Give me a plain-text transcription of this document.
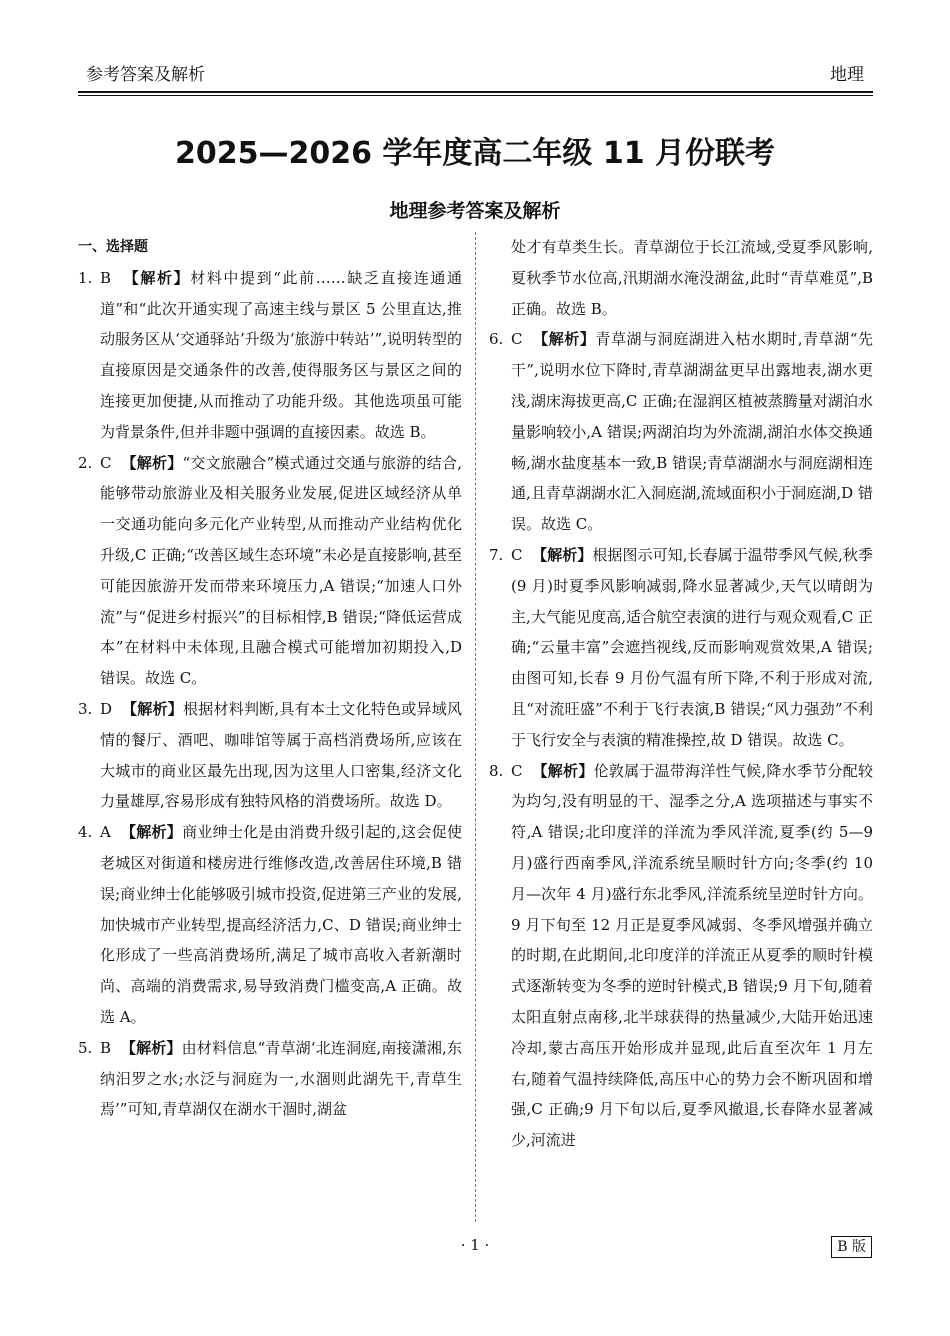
参考答案及解析	地理
2025—2026 学年度高二年级 11 月份联考
地理参考答案及解析
一、选择题
1. B 【解析】材料中提到“此前……缺乏直接连通通道”和“此次开通实现了高速主线与景区 5 公里直达,推动服务区从‘交通驿站’升级为‘旅游中转站’”,说明转型的直接原因是交通条件的改善,使得服务区与景区之间的连接更加便捷,从而推动了功能升级。其他选项虽可能为背景条件,但并非题中强调的直接因素。故选 B。
2. C 【解析】“交文旅融合”模式通过交通与旅游的结合,能够带动旅游业及相关服务业发展,促进区域经济从单一交通功能向多元化产业转型,从而推动产业结构优化升级,C 正确;“改善区域生态环境”未必是直接影响,甚至可能因旅游开发而带来环境压力,A 错误;“加速人口外流”与“促进乡村振兴”的目标相悖,B 错误;“降低运营成本”在材料中未体现,且融合模式可能增加初期投入,D 错误。故选 C。
3. D 【解析】根据材料判断,具有本土文化特色或异域风情的餐厅、酒吧、咖啡馆等属于高档消费场所,应该在大城市的商业区最先出现,因为这里人口密集,经济文化力量雄厚,容易形成有独特风格的消费场所。故选 D。
4. A 【解析】商业绅士化是由消费升级引起的,这会促使老城区对街道和楼房进行维修改造,改善居住环境,B 错误;商业绅士化能够吸引城市投资,促进第三产业的发展,加快城市产业转型,提高经济活力,C、D 错误;商业绅士化形成了一些高消费场所,满足了城市高收入者新潮时尚、高端的消费需求,易导致消费门槛变高,A 正确。故选 A。
5. B 【解析】由材料信息“青草湖‘北连洞庭,南接潇湘,东纳汨罗之水;水泛与洞庭为一,水涸则此湖先干,青草生焉’”可知,青草湖仅在湖水干涸时,湖盆
处才有草类生长。青草湖位于长江流域,受夏季风影响,夏秋季节水位高,汛期湖水淹没湖盆,此时“青草难觅”,B 正确。故选 B。
6. C 【解析】青草湖与洞庭湖进入枯水期时,青草湖“先干”,说明水位下降时,青草湖湖盆更早出露地表,湖水更浅,湖床海拔更高,C 正确;在湿润区植被蒸腾量对湖泊水量影响较小,A 错误;两湖泊均为外流湖,湖泊水体交换通畅,湖水盐度基本一致,B 错误;青草湖湖水与洞庭湖相连通,且青草湖湖水汇入洞庭湖,流域面积小于洞庭湖,D 错误。故选 C。
7. C 【解析】根据图示可知,长春属于温带季风气候,秋季(9 月)时夏季风影响减弱,降水显著减少,天气以晴朗为主,大气能见度高,适合航空表演的进行与观众观看,C 正确;“云量丰富”会遮挡视线,反而影响观赏效果,A 错误;由图可知,长春 9 月份气温有所下降,不利于形成对流,且“对流旺盛”不利于飞行表演,B 错误;“风力强劲”不利于飞行安全与表演的精准操控,故 D 错误。故选 C。
8. C 【解析】伦敦属于温带海洋性气候,降水季节分配较为均匀,没有明显的干、湿季之分,A 选项描述与事实不符,A 错误;北印度洋的洋流为季风洋流,夏季(约 5—9 月)盛行西南季风,洋流系统呈顺时针方向;冬季(约 10 月—次年 4 月)盛行东北季风,洋流系统呈逆时针方向。9 月下旬至 12 月正是夏季风减弱、冬季风增强并确立的时期,在此期间,北印度洋的洋流正从夏季的顺时针模式逐渐转变为冬季的逆时针模式,B 错误;9 月下旬,随着太阳直射点南移,北半球获得的热量减少,大陆开始迅速冷却,蒙古高压开始形成并显现,此后直至次年 1 月左右,随着气温持续降低,高压中心的势力会不断巩固和增强,C 正确;9 月下旬以后,夏季风撤退,长春降水显著减少,河流进
· 1 ·	B 版
